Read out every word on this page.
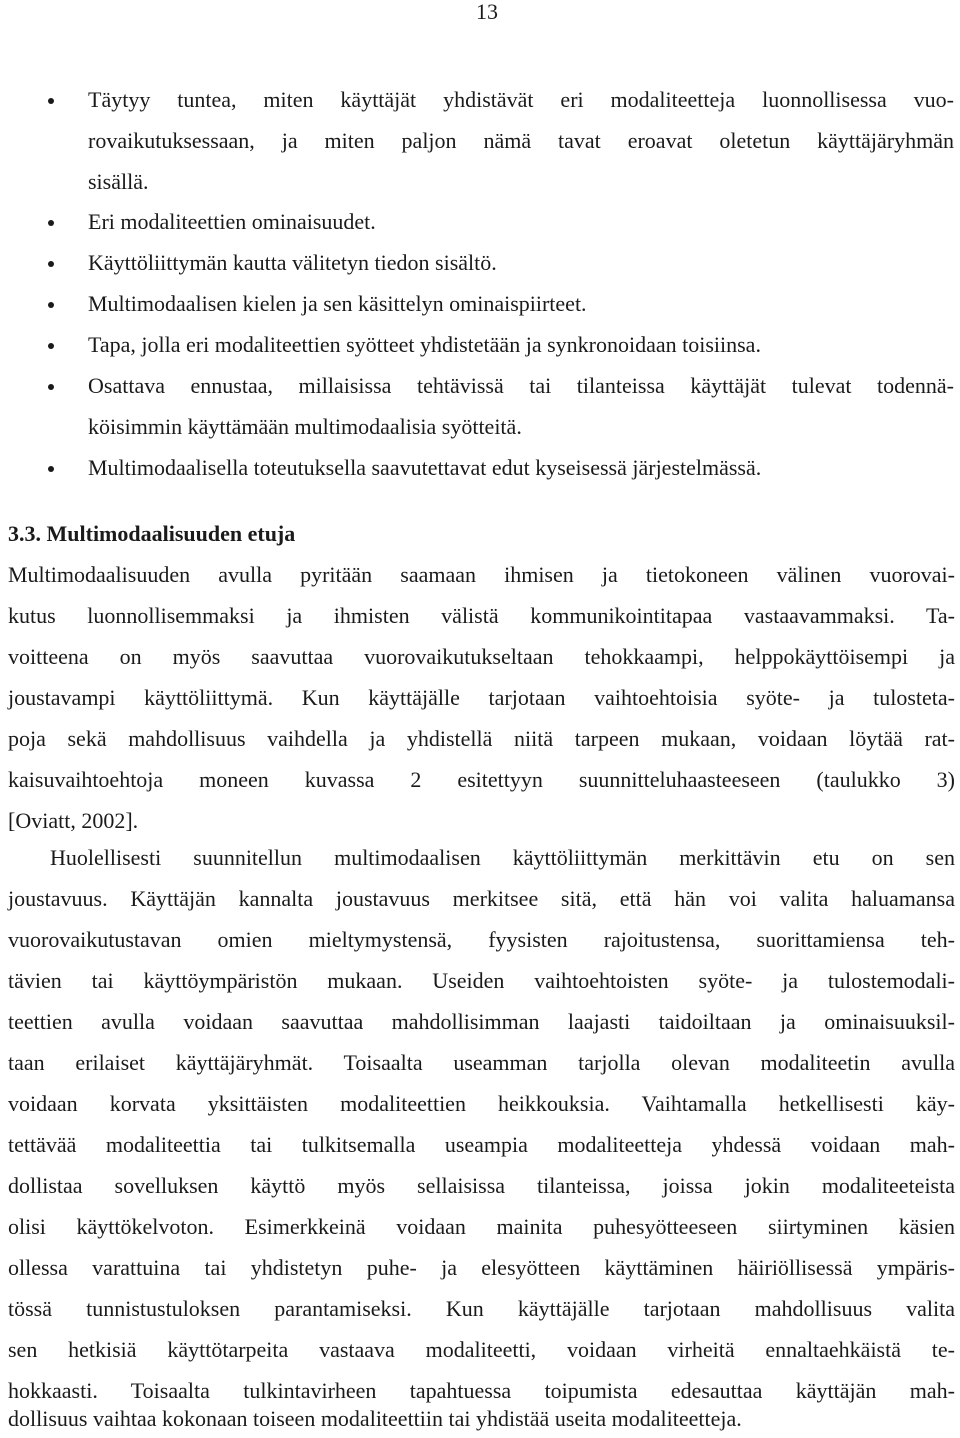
13
Täytyy tuntea, miten käyttäjät yhdistävät eri modaliteetteja luonnollisessa vuo-
rovaikutuksessaan, ja miten paljon nämä tavat eroavat oletetun käyttäjäryhmän
sisällä.
Eri modaliteettien ominaisuudet.
Käyttöliittymän kautta välitetyn tiedon sisältö.
Multimodaalisen kielen ja sen käsittelyn ominaispiirteet.
Tapa, jolla eri modaliteettien syötteet yhdistetään ja synkronoidaan toisiinsa.
Osattava ennustaa, millaisissa tehtävissä tai tilanteissa käyttäjät tulevat todennä-
köisimmin käyttämään multimodaalisia syötteitä.
Multimodaalisella toteutuksella saavutettavat edut kyseisessä järjestelmässä.
3.3. Multimodaalisuuden etuja
Multimodaalisuuden avulla pyritään saamaan ihmisen ja tietokoneen välinen vuorovai-
kutus luonnollisemmaksi ja ihmisten välistä kommunikointitapaa vastaavammaksi. Ta-
voitteena on myös saavuttaa vuorovaikutukseltaan tehokkaampi, helppokäyttöisempi ja
joustavampi käyttöliittymä. Kun käyttäjälle tarjotaan vaihtoehtoisia syöte- ja tulosteta-
poja sekä mahdollisuus vaihdella ja yhdistellä niitä tarpeen mukaan, voidaan löytää rat-
kaisuvaihtoehtoja moneen kuvassa 2 esitettyyn suunnitteluhaasteeseen (taulukko 3)
[Oviatt, 2002].
Huolellisesti suunnitellun multimodaalisen käyttöliittymän merkittävin etu on sen
joustavuus. Käyttäjän kannalta joustavuus merkitsee sitä, että hän voi valita haluamansa
vuorovaikutustavan omien mieltymystensä, fyysisten rajoitustensa, suorittamiensa teh-
tävien tai käyttöympäristön mukaan. Useiden vaihtoehtoisten syöte- ja tulostemodali-
teettien avulla voidaan saavuttaa mahdollisimman laajasti taidoiltaan ja ominaisuuksil-
taan erilaiset käyttäjäryhmät. Toisaalta useamman tarjolla olevan modaliteetin avulla
voidaan korvata yksittäisten modaliteettien heikkouksia. Vaihtamalla hetkellisesti käy-
tettävää modaliteettia tai tulkitsemalla useampia modaliteetteja yhdessä voidaan mah-
dollistaa sovelluksen käyttö myös sellaisissa tilanteissa, joissa jokin modaliteeteista
olisi käyttökelvoton. Esimerkkeinä voidaan mainita puhesyötteeseen siirtyminen käsien
ollessa varattuina tai yhdistetyn puhe- ja elesyötteen käyttäminen häiriöllisessä ympäris-
tössä tunnistustuloksen parantamiseksi. Kun käyttäjälle tarjotaan mahdollisuus valita
sen hetkisiä käyttötarpeita vastaava modaliteetti, voidaan virheitä ennaltaehkäistä te-
hokkaasti. Toisaalta tulkintavirheen tapahtuessa toipumista edesauttaa käyttäjän mah-
dollisuus vaihtaa kokonaan toiseen modaliteettiin tai yhdistää useita modaliteetteja.
